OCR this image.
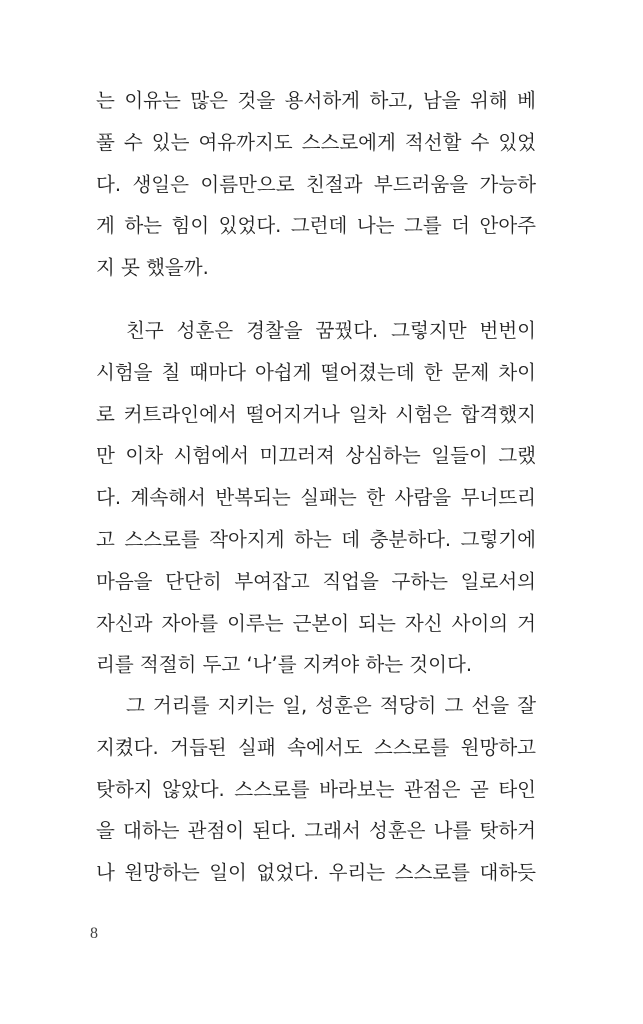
는 이유는 많은 것을 용서하게 하고, 남을 위해 베
풀 수 있는 여유까지도 스스로에게 적선할 수 있었
다. 생일은 이름만으로 친절과 부드러움을 가능하
게 하는 힘이 있었다. 그런데 나는 그를 더 안아주
지 못 했을까.
친구 성훈은 경찰을 꿈꿨다. 그렇지만 번번이
시험을 칠 때마다 아쉽게 떨어졌는데 한 문제 차이
로 커트라인에서 떨어지거나 일차 시험은 합격했지
만 이차 시험에서 미끄러져 상심하는 일들이 그랬
다. 계속해서 반복되는 실패는 한 사람을 무너뜨리
고 스스로를 작아지게 하는 데 충분하다. 그렇기에
마음을 단단히 부여잡고 직업을 구하는 일로서의
자신과 자아를 이루는 근본이 되는 자신 사이의 거
리를 적절히 두고 ‘나’를 지켜야 하는 것이다.
그 거리를 지키는 일, 성훈은 적당히 그 선을 잘
지켰다. 거듭된 실패 속에서도 스스로를 원망하고
탓하지 않았다. 스스로를 바라보는 관점은 곧 타인
을 대하는 관점이 된다. 그래서 성훈은 나를 탓하거
나 원망하는 일이 없었다. 우리는 스스로를 대하듯
8
